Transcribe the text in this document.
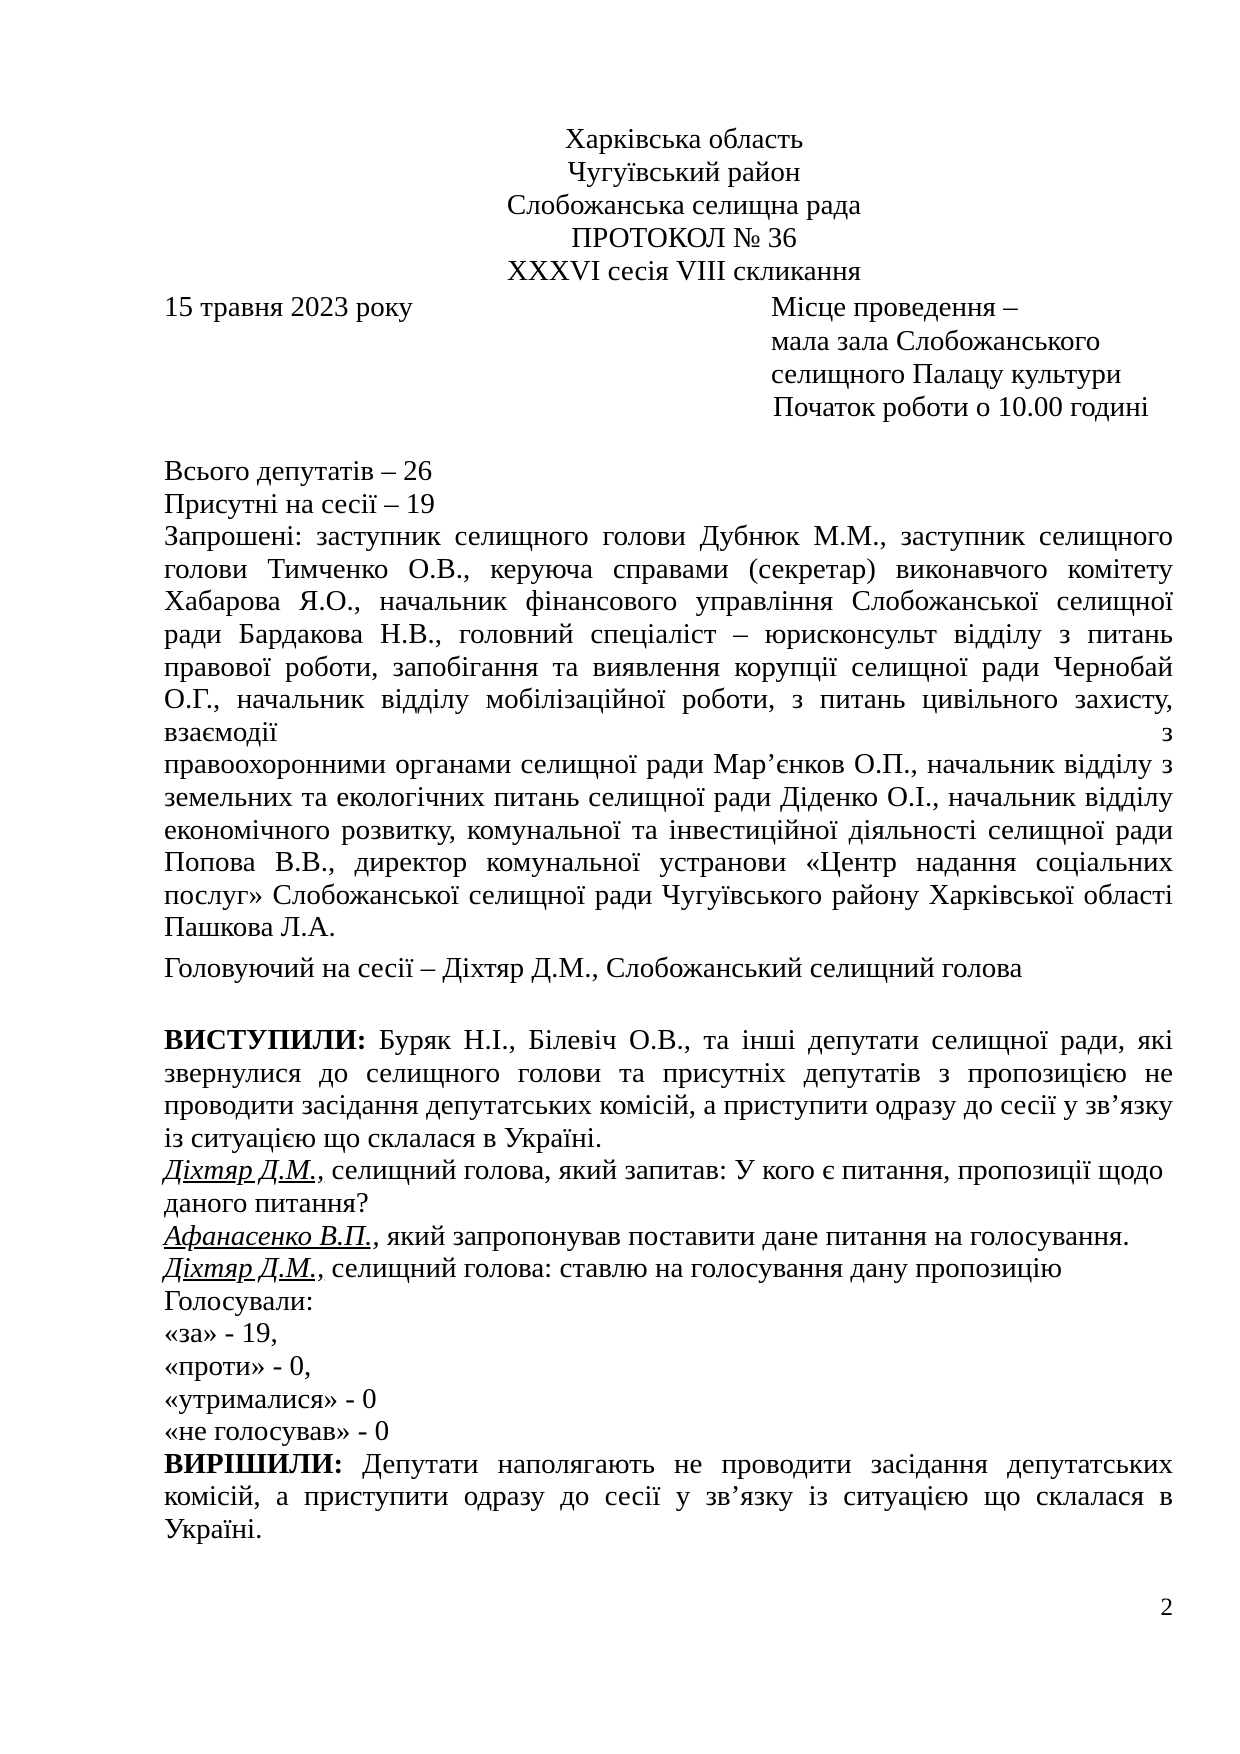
Харківська область
Чугуївський район
Слобожанська селищна рада
ПРОТОКОЛ № 36
XXXVI сесія VIII скликання
15 травня 2023 року	Місце проведення –
мала зала Слобожанського
селищного Палацу культури
Початок роботи о 10.00 годині
Всього депутатів – 26
Присутні на сесії – 19
Запрошені: заступник селищного голови Дубнюк М.М., заступник селищного
голови Тимченко О.В., керуюча справами (секретар) виконавчого комітету
Хабарова Я.О., начальник фінансового управління Слобожанської селищної
ради Бардакова Н.В., головний спеціаліст – юрисконсульт відділу з питань
правової роботи, запобігання та виявлення корупції селищної ради Чернобай
О.Г., начальник відділу мобілізаційної роботи, з питань цивільного захисту, взаємодії з
правоохоронними органами селищної ради Мар’єнков О.П., начальник відділу з
земельних та екологічних питань селищної ради Діденко О.І., начальник відділу
економічного розвитку, комунальної та інвестиційної діяльності селищної ради
Попова В.В., директор комунальної устранови «Центр надання соціальних
послуг» Слобожанської селищної ради Чугуївського району Харківської області
Пашкова Л.А.
Головуючий на сесії – Діхтяр Д.М., Слобожанський селищний голова
ВИСТУПИЛИ: Буряк Н.І., Білевіч О.В., та інші депутати селищної ради, які
звернулися до селищного голови та присутніх депутатів з пропозицією не
проводити засідання депутатських комісій, а приступити одразу до сесії у зв’язку
із ситуацією що склалася в Україні.
Діхтяр Д.М., селищний голова, який запитав: У кого є питання, пропозиції щодо
даного питання?
Афанасенко В.П., який запропонував поставити дане питання на голосування.
Діхтяр Д.М., селищний голова: ставлю на голосування дану пропозицію
Голосували:
«за» - 19,
«проти» - 0,
«утрималися» - 0
«не голосував» - 0
ВИРІШИЛИ: Депутати наполягають не проводити засідання депутатських
комісій, а приступити одразу до сесії у зв’язку із ситуацією що склалася в
Україні.
2
